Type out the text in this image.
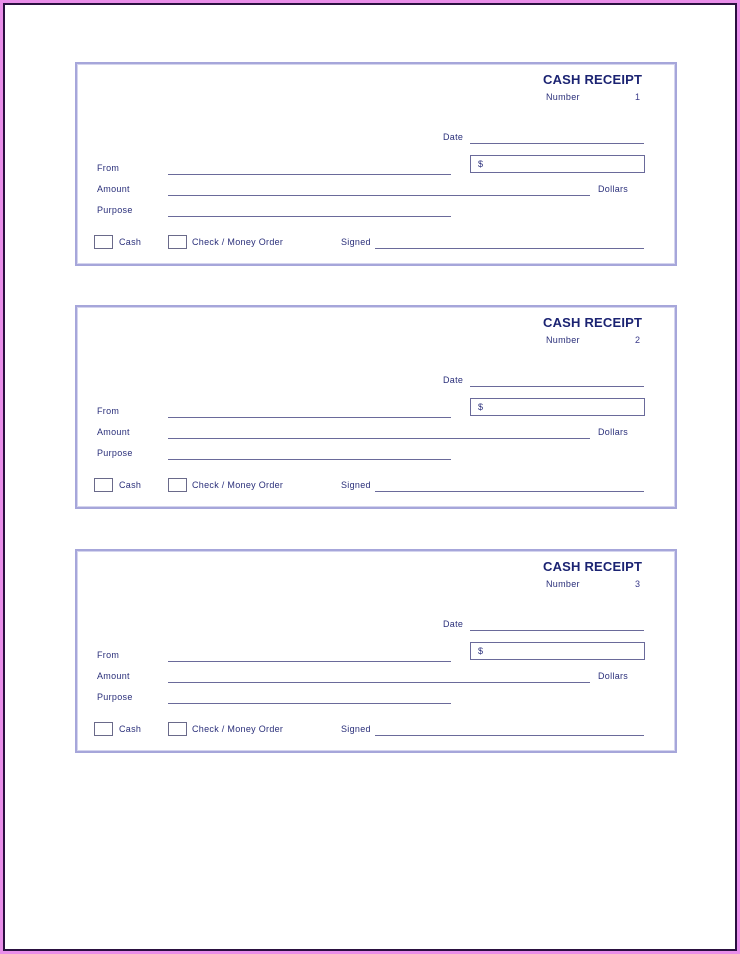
CASH RECEIPT
Number	1
Date
From	$
Amount	Dollars
Purpose
Cash	Check / Money Order	Signed
CASH RECEIPT
Number	2
Date
From	$
Amount	Dollars
Purpose
Cash	Check / Money Order	Signed
CASH RECEIPT
Number	3
Date
From	$
Amount	Dollars
Purpose
Cash	Check / Money Order	Signed
